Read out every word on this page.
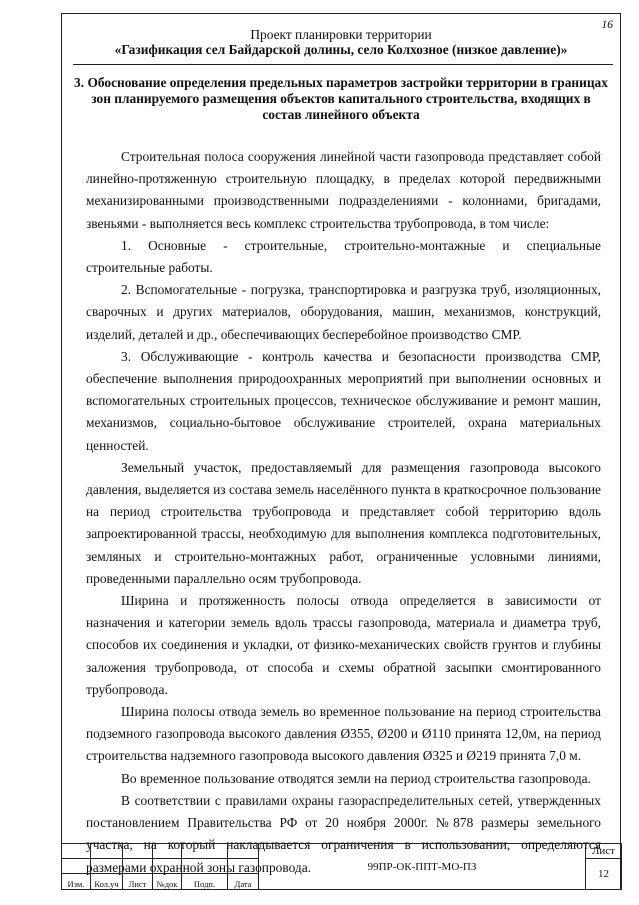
16
Проект планировки территории
«Газификация сел Байдарской долины, село Колхозное (низкое давление)»
3. Обоснование определения предельных параметров застройки территории в границах зон планируемого размещения объектов капитального строительства, входящих в состав линейного объекта

Строительная полоса сооружения линейной части газопровода представляет собой линейно-протяженную строительную площадку, в пределах которой передвижными механизированными производственными подразделениями - колоннами, бригадами, звеньями - выполняется весь комплекс строительства трубопровода, в том числе:

1. Основные - строительные, строительно-монтажные и специальные строительные работы.

2. Вспомогательные - погрузка, транспортировка и разгрузка труб, изоляционных, сварочных и других материалов, оборудования, машин, механизмов, конструкций, изделий, деталей и др., обеспечивающих бесперебойное производство СМР.

3. Обслуживающие - контроль качества и безопасности производства СМР, обеспечение выполнения природоохранных мероприятий при выполнении основных и вспомогательных строительных процессов, техническое обслуживание и ремонт машин, механизмов, социально-бытовое обслуживание строителей, охрана материальных ценностей.

Земельный участок, предоставляемый для размещения газопровода высокого давления, выделяется из состава земель населённого пункта в краткосрочное пользование на период строительства трубопровода и представляет собой территорию вдоль запроектированной трассы, необходимую для выполнения комплекса подготовительных, земляных и строительно-монтажных работ, ограниченные условными линиями, проведенными параллельно осям трубопровода.

Ширина и протяженность полосы отвода определяется в зависимости от назначения и категории земель вдоль трассы газопровода, материала и диаметра труб, способов их соединения и укладки, от физико-механических свойств грунтов и глубины заложения трубопровода, от способа и схемы обратной засыпки смонтированного трубопровода.

Ширина полосы отвода земель во временное пользование на период строительства подземного газопровода высокого давления Ø355, Ø200 и Ø110 принята 12,0м, на период строительства надземного газопровода высокого давления Ø325 и Ø219 принята 7,0 м.

Во временное пользование отводятся земли на период строительства газопровода.

В соответствии с правилами охраны газораспределительных сетей, утвержденных постановлением Правительства РФ от 20 ноября 2000г. №878 размеры земельного участка, на который накладывается ограничения в использовании, определяются размерами охранной зоны газопровода.

							99ПР-ОК-ППТ-МО-ПЗ	Лист
							12
Изм.	Кол.уч	Лист	№док	Подп.	Дата		
